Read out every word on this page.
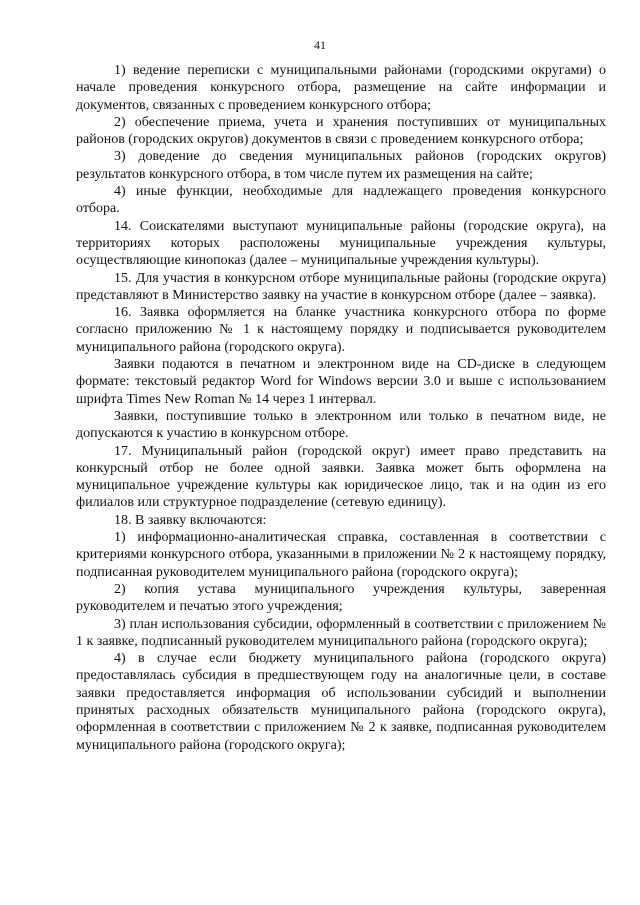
41

1) ведение переписки с муниципальными районами (городскими округами) о начале проведения конкурсного отбора, размещение на сайте информации и документов, связанных с проведением конкурсного отбора;

2) обеспечение приема, учета и хранения поступивших от муниципальных районов (городских округов) документов в связи с проведением конкурсного отбора;

3) доведение до сведения муниципальных районов (городских округов) результатов конкурсного отбора, в том числе путем их размещения на сайте;

4) иные функции, необходимые для надлежащего проведения конкурсного отбора.

14. Соискателями выступают муниципальные районы (городские округа), на территориях которых расположены муниципальные учреждения культуры, осуществляющие кинопоказ (далее – муниципальные учреждения культуры).

15. Для участия в конкурсном отборе муниципальные районы (городские округа) представляют в Министерство заявку на участие в конкурсном отборе (далее – заявка).

16. Заявка оформляется на бланке участника конкурсного отбора по форме согласно приложению № 1 к настоящему порядку и подписывается руководителем муниципального района (городского округа).

Заявки подаются в печатном и электронном виде на CD-диске в следующем формате: текстовый редактор Word for Windows версии 3.0 и выше с использованием шрифта Times New Roman № 14 через 1 интервал.

Заявки, поступившие только в электронном или только в печатном виде, не допускаются к участию в конкурсном отборе.

17. Муниципальный район (городской округ) имеет право представить на конкурсный отбор не более одной заявки. Заявка может быть оформлена на муниципальное учреждение культуры как юридическое лицо, так и на один из его филиалов или структурное подразделение (сетевую единицу).

18. В заявку включаются:

1) информационно-аналитическая справка, составленная в соответствии с критериями конкурсного отбора, указанными в приложении № 2 к настоящему порядку, подписанная руководителем муниципального района (городского округа);

2) копия устава муниципального учреждения культуры, заверенная руководителем и печатью этого учреждения;

3) план использования субсидии, оформленный в соответствии с приложением № 1 к заявке, подписанный руководителем муниципального района (городского округа);

4) в случае если бюджету муниципального района (городского округа) предоставлялась субсидия в предшествующем году на аналогичные цели, в составе заявки предоставляется информация об использовании субсидий и выполнении принятых расходных обязательств муниципального района (городского округа), оформленная в соответствии с приложением № 2 к заявке, подписанная руководителем муниципального района (городского округа);
